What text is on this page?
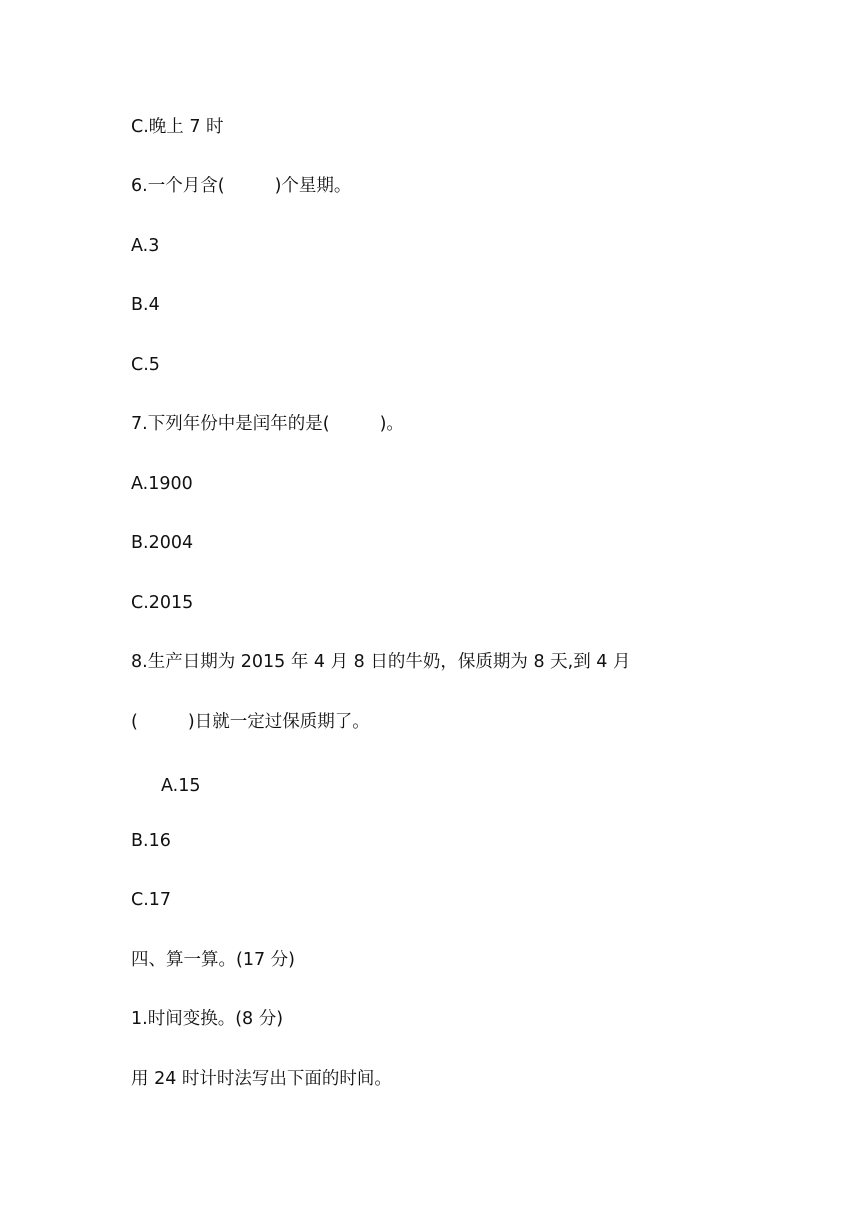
C.晚上 7 时
6.一个月含(         )个星期。
A.3
B.4
C.5
7.下列年份中是闰年的是(         )。
A.1900
B.2004
C.2015
8.生产日期为 2015 年 4 月 8 日的牛奶，保质期为 8 天,到 4 月
(         )日就一定过保质期了。
A.15
B.16
C.17
四、算一算。(17 分)
1.时间变换。(8 分)
用 24 时计时法写出下面的时间。
